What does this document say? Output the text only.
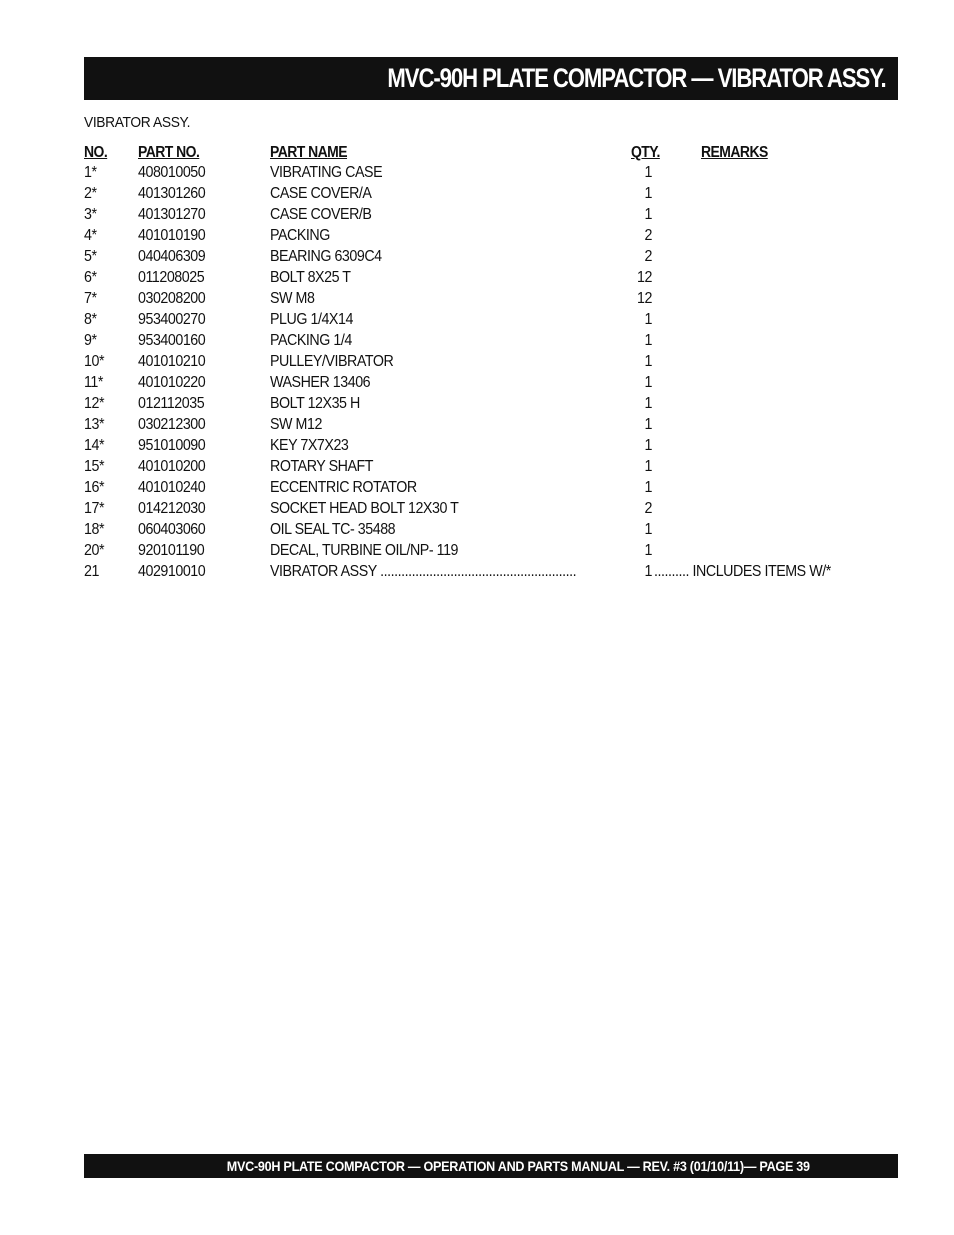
MVC-90H PLATE COMPACTOR — VIBRATOR ASSY.
VIBRATOR ASSY.
NO. PART NO.	PART NAME	QTY.	REMARKS
1*	408010050	VIBRATING CASE	1
2*	401301260	CASE COVER/A	1
3*	401301270	CASE COVER/B	1
4*	401010190	PACKING	2
5*	040406309	BEARING 6309C4	2
6*	011208025	BOLT 8X25 T	12
7*	030208200	SW M8	12
8*	953400270	PLUG 1/4X14	1
9*	953400160	PACKING 1/4	1
10* 401010210	PULLEY/VIBRATOR	1
11* 401010220	WASHER 13406	1
12* 012112035	BOLT 12X35 H	1
13* 030212300	SW M12	1
14* 951010090	KEY 7X7X23	1
15* 401010200	ROTARY SHAFT	1
16* 401010240	ECCENTRIC ROTATOR	1
17* 014212030	SOCKET HEAD BOLT 12X30 T	2
18* 060403060	OIL SEAL TC- 35488	1
20* 920101190	DECAL, TURBINE OIL/NP- 119	1
21	402910010	VIBRATOR ASSY ........................................................	1 .......... INCLUDES ITEMS W/*
MVC-90H PLATE COMPACTOR — OPERATION AND PARTS MANUAL — REV. #3 (01/10/11)— PAGE 39
